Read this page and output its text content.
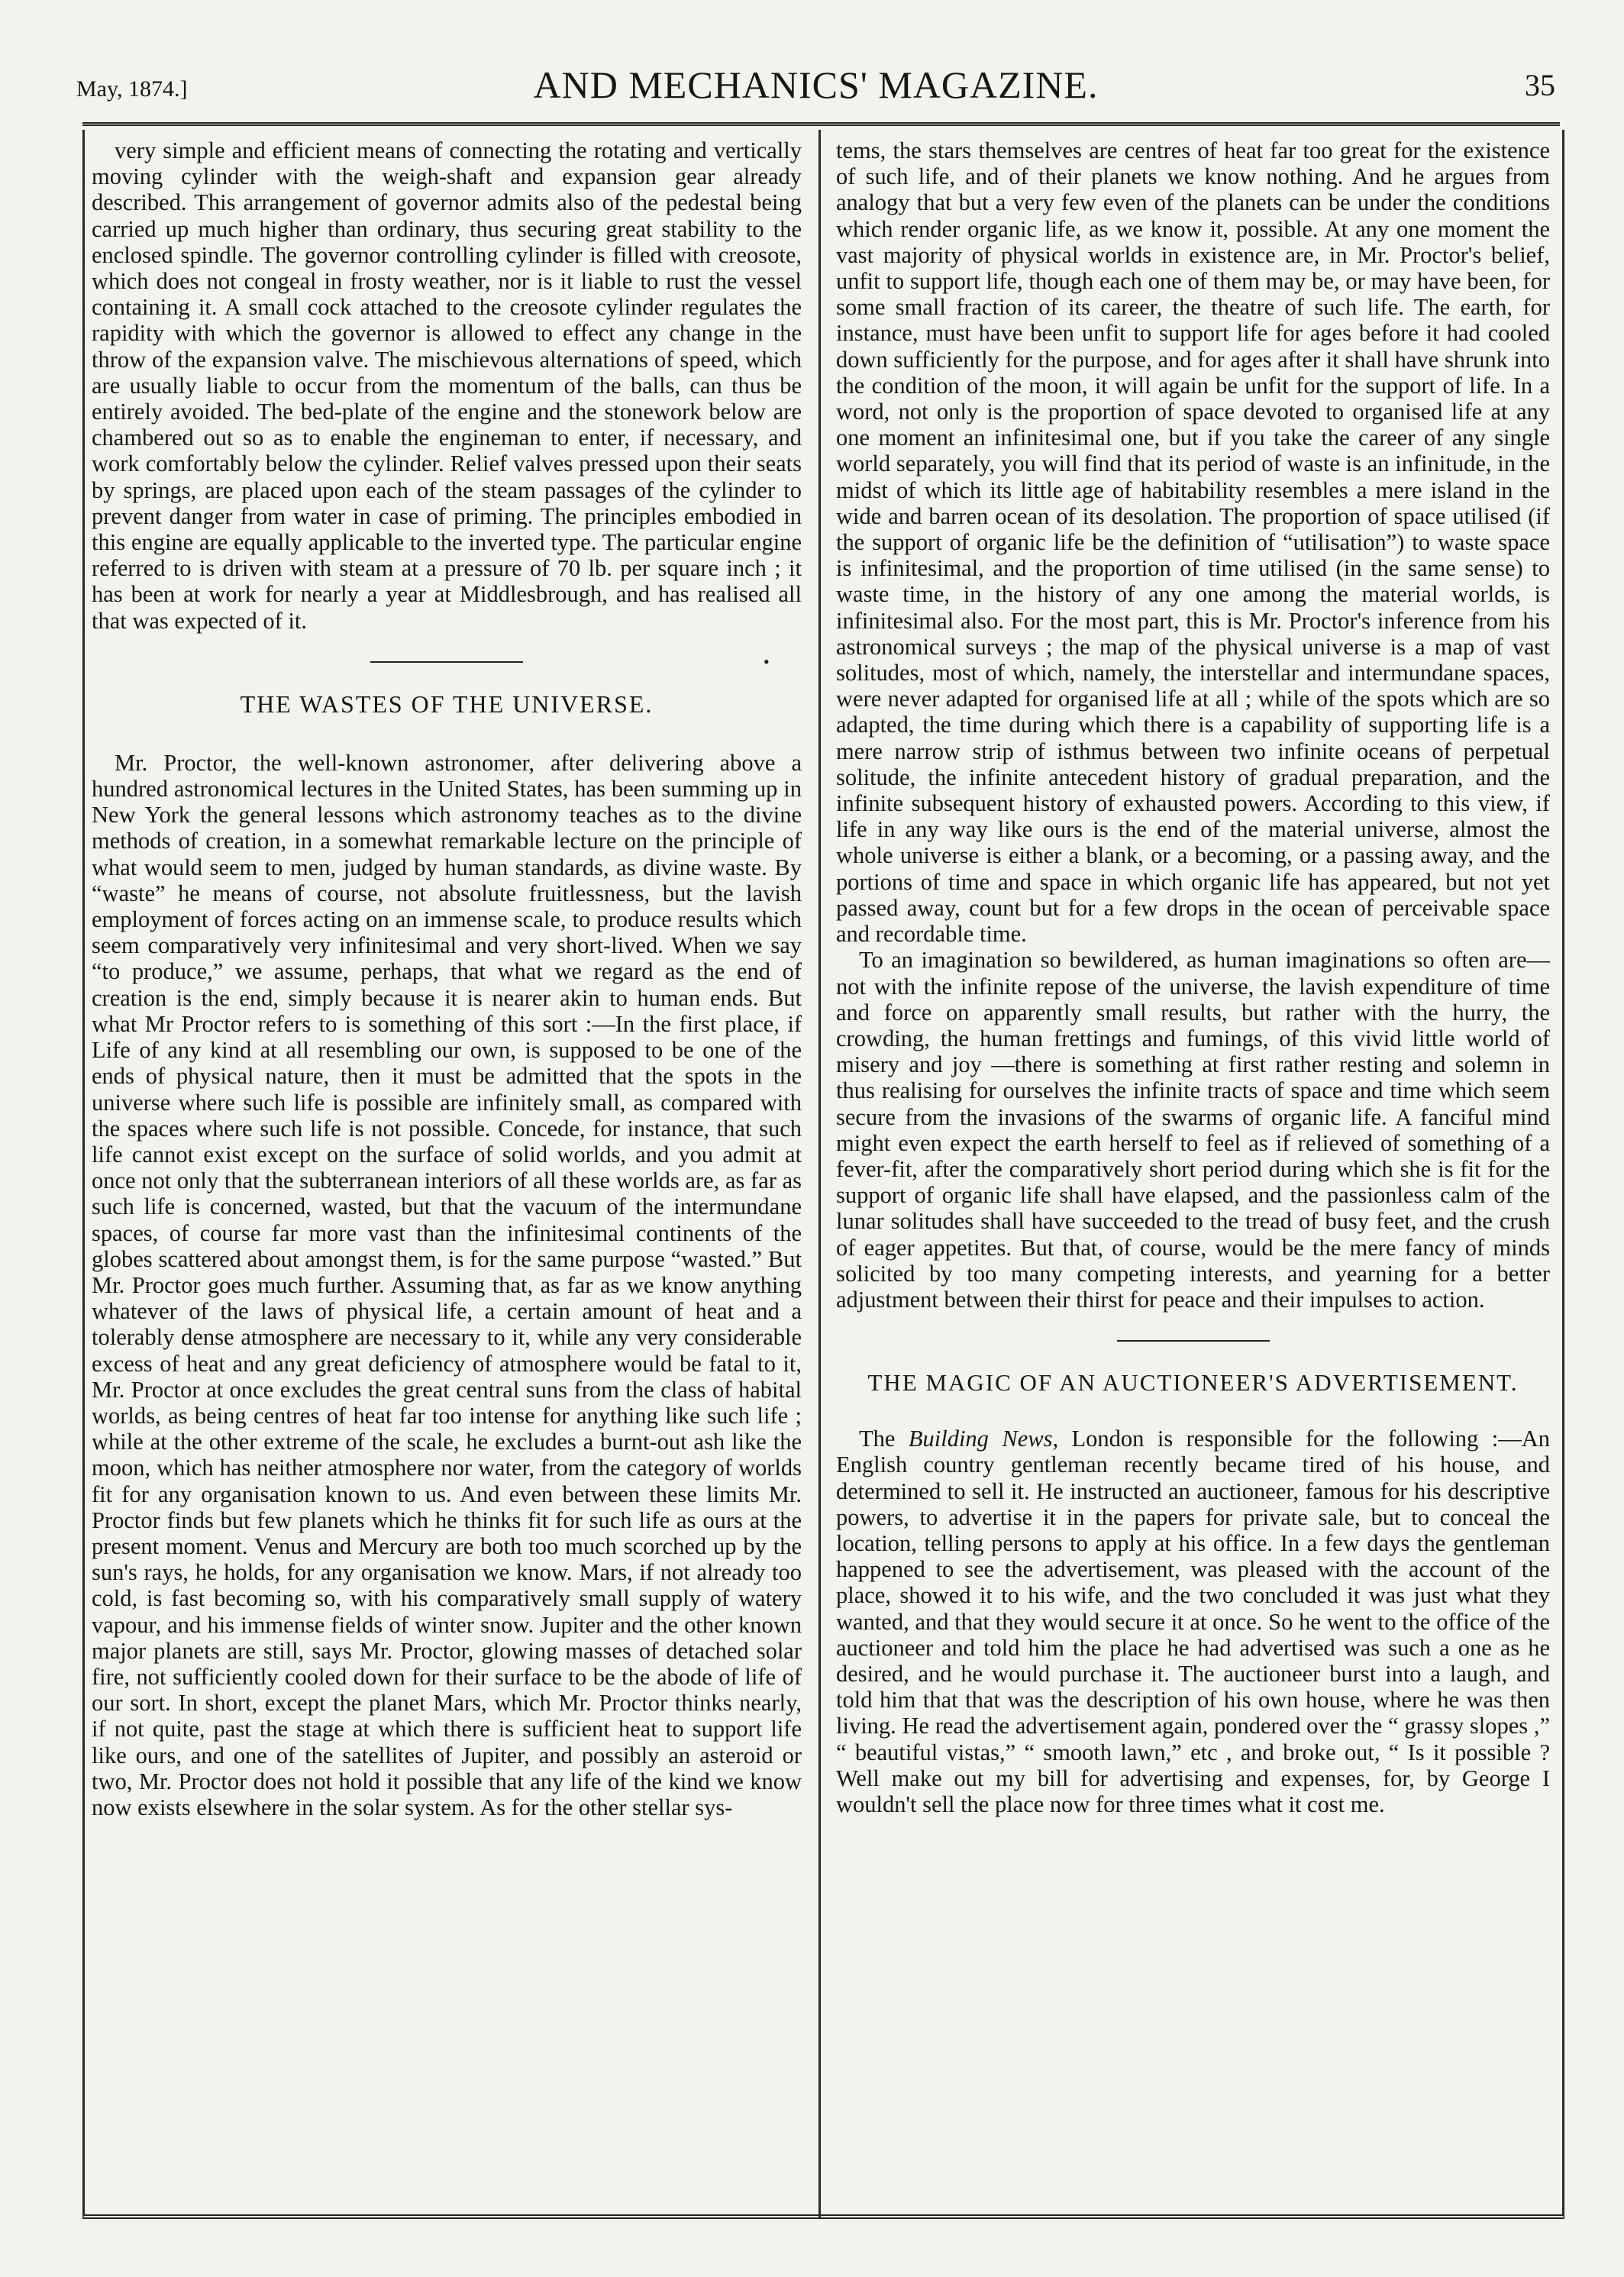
May, 1874.]	AND MECHANICS' MAGAZINE.	35

very simple and efficient means of connecting the rotating and vertically moving cylinder with the weigh-shaft and expansion gear already described. This arrangement of governor admits also of the pedestal being carried up much higher than ordinary, thus securing great stability to the enclosed spindle. The governor controlling cylinder is filled with creosote, which does not congeal in frosty weather, nor is it liable to rust the vessel containing it. A small cock attached to the creosote cylinder regulates the rapidity with which the governor is allowed to effect any change in the throw of the expansion valve. The mischievous alternations of speed, which are usually liable to occur from the momentum of the balls, can thus be entirely avoided. The bed-plate of the engine and the stonework below are chambered out so as to enable the engineman to enter, if necessary, and work comfortably below the cylinder. Relief valves pressed upon their seats by springs, are placed upon each of the steam passages of the cylinder to prevent danger from water in case of priming. The principles embodied in this engine are equally applicable to the inverted type. The particular engine referred to is driven with steam at a pressure of 70 lb. per square inch ; it has been at work for nearly a year at Middlesbrough, and has realised all that was expected of it.

•

THE WASTES OF THE UNIVERSE.

Mr. Proctor, the well-known astronomer, after delivering above a hundred astronomical lectures in the United States, has been summing up in New York the general lessons which astronomy teaches as to the divine methods of creation, in a somewhat remarkable lecture on the principle of what would seem to men, judged by human standards, as divine waste. By “waste” he means of course, not absolute fruitlessness, but the lavish employment of forces acting on an immense scale, to produce results which seem comparatively very infinitesimal and very short-lived. When we say “to produce,” we assume, perhaps, that what we regard as the end of creation is the end, simply because it is nearer akin to human ends. But what Mr Proctor refers to is something of this sort :—In the first place, if Life of any kind at all resembling our own, is supposed to be one of the ends of physical nature, then it must be admitted that the spots in the universe where such life is possible are infinitely small, as compared with the spaces where such life is not possible. Concede, for instance, that such life cannot exist except on the surface of solid worlds, and you admit at once not only that the subterranean interiors of all these worlds are, as far as such life is concerned, wasted, but that the vacuum of the intermundane spaces, of course far more vast than the infinitesimal continents of the globes scattered about amongst them, is for the same purpose “wasted.” But Mr. Proctor goes much further. Assuming that, as far as we know anything whatever of the laws of physical life, a certain amount of heat and a tolerably dense atmosphere are necessary to it, while any very considerable excess of heat and any great deficiency of atmosphere would be fatal to it, Mr. Proctor at once excludes the great central suns from the class of habital worlds, as being centres of heat far too intense for anything like such life ; while at the other extreme of the scale, he excludes a burnt-out ash like the moon, which has neither atmosphere nor water, from the category of worlds fit for any organisation known to us. And even between these limits Mr. Proctor finds but few planets which he thinks fit for such life as ours at the present moment. Venus and Mercury are both too much scorched up by the sun's rays, he holds, for any organisation we know. Mars, if not already too cold, is fast becoming so, with his comparatively small supply of watery vapour, and his immense fields of winter snow. Jupiter and the other known major planets are still, says Mr. Proctor, glowing masses of detached solar fire, not sufficiently cooled down for their surface to be the abode of life of our sort. In short, except the planet Mars, which Mr. Proctor thinks nearly, if not quite, past the stage at which there is sufficient heat to support life like ours, and one of the satellites of Jupiter, and possibly an asteroid or two, Mr. Proctor does not hold it possible that any life of the kind we know now exists elsewhere in the solar system. As for the other stellar sys-

tems, the stars themselves are centres of heat far too great for the existence of such life, and of their planets we know nothing. And he argues from analogy that but a very few even of the planets can be under the conditions which render organic life, as we know it, possible. At any one moment the vast majority of physical worlds in existence are, in Mr. Proctor's belief, unfit to support life, though each one of them may be, or may have been, for some small fraction of its career, the theatre of such life. The earth, for instance, must have been unfit to support life for ages before it had cooled down sufficiently for the purpose, and for ages after it shall have shrunk into the condition of the moon, it will again be unfit for the support of life. In a word, not only is the proportion of space devoted to organised life at any one moment an infinitesimal one, but if you take the career of any single world separately, you will find that its period of waste is an infinitude, in the midst of which its little age of habitability resembles a mere island in the wide and barren ocean of its desolation. The proportion of space utilised (if the support of organic life be the definition of “utilisation”) to waste space is infinitesimal, and the proportion of time utilised (in the same sense) to waste time, in the history of any one among the material worlds, is infinitesimal also. For the most part, this is Mr. Proctor's inference from his astronomical surveys ; the map of the physical universe is a map of vast solitudes, most of which, namely, the interstellar and intermundane spaces, were never adapted for organised life at all ; while of the spots which are so adapted, the time during which there is a capability of supporting life is a mere narrow strip of isthmus between two infinite oceans of perpetual solitude, the infinite antecedent history of gradual preparation, and the infinite subsequent history of exhausted powers. According to this view, if life in any way like ours is the end of the material universe, almost the whole universe is either a blank, or a becoming, or a passing away, and the portions of time and space in which organic life has appeared, but not yet passed away, count but for a few drops in the ocean of perceivable space and recordable time.

To an imagination so bewildered, as human imaginations so often are—not with the infinite repose of the universe, the lavish expenditure of time and force on apparently small results, but rather with the hurry, the crowding, the human frettings and fumings, of this vivid little world of misery and joy —there is something at first rather resting and solemn in thus realising for ourselves the infinite tracts of space and time which seem secure from the invasions of the swarms of organic life. A fanciful mind might even expect the earth herself to feel as if relieved of something of a fever-fit, after the comparatively short period during which she is fit for the support of organic life shall have elapsed, and the passionless calm of the lunar solitudes shall have succeeded to the tread of busy feet, and the crush of eager appetites. But that, of course, would be the mere fancy of minds solicited by too many competing interests, and yearning for a better adjustment between their thirst for peace and their impulses to action.

THE MAGIC OF AN AUCTIONEER'S ADVERTISEMENT.

The Building News, London is responsible for the following :—An English country gentleman recently became tired of his house, and determined to sell it. He instructed an auctioneer, famous for his descriptive powers, to advertise it in the papers for private sale, but to conceal the location, telling persons to apply at his office. In a few days the gentleman happened to see the advertisement, was pleased with the account of the place, showed it to his wife, and the two concluded it was just what they wanted, and that they would secure it at once. So he went to the office of the auctioneer and told him the place he had advertised was such a one as he desired, and he would purchase it. The auctioneer burst into a laugh, and told him that that was the description of his own house, where he was then living. He read the advertisement again, pondered over the “ grassy slopes ,” “ beautiful vistas,” “ smooth lawn,” etc , and broke out, “ Is it possible ? Well make out my bill for advertising and expenses, for, by George I wouldn't sell the place now for three times what it cost me.
